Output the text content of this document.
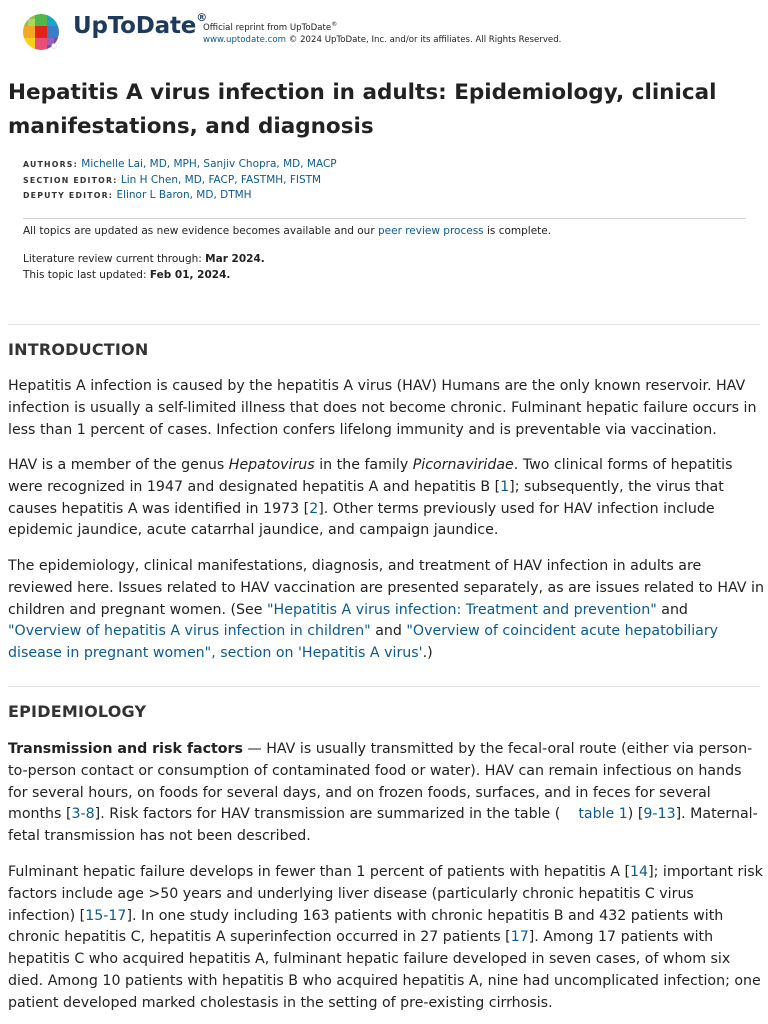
UpToDate®
Official reprint from UpToDate®
www.uptodate.com © 2024 UpToDate, Inc. and/or its affiliates. All Rights Reserved.
Hepatitis A virus infection in adults: Epidemiology, clinical manifestations, and diagnosis
AUTHORS: Michelle Lai, MD, MPH, Sanjiv Chopra, MD, MACP
SECTION EDITOR: Lin H Chen, MD, FACP, FASTMH, FISTM
DEPUTY EDITOR: Elinor L Baron, MD, DTMH
All topics are updated as new evidence becomes available and our peer review process is complete.
Literature review current through: Mar 2024.
This topic last updated: Feb 01, 2024.
INTRODUCTION

Hepatitis A infection is caused by the hepatitis A virus (HAV) Humans are the only known reservoir. HAV infection is usually a self-limited illness that does not become chronic. Fulminant hepatic failure occurs in less than 1 percent of cases. Infection confers lifelong immunity and is preventable via vaccination.

HAV is a member of the genus Hepatovirus in the family Picornaviridae. Two clinical forms of hepatitis were recognized in 1947 and designated hepatitis A and hepatitis B [1]; subsequently, the virus that causes hepatitis A was identified in 1973 [2]. Other terms previously used for HAV infection include epidemic jaundice, acute catarrhal jaundice, and campaign jaundice.

The epidemiology, clinical manifestations, diagnosis, and treatment of HAV infection in adults are reviewed here. Issues related to HAV vaccination are presented separately, as are issues related to HAV in children and pregnant women. (See "Hepatitis A virus infection: Treatment and prevention" and "Overview of hepatitis A virus infection in children" and "Overview of coincident acute hepatobiliary disease in pregnant women", section on 'Hepatitis A virus'.)

EPIDEMIOLOGY

Transmission and risk factors — HAV is usually transmitted by the fecal-oral route (either via person-to-person contact or consumption of contaminated food or water). HAV can remain infectious on hands for several hours, on foods for several days, and on frozen foods, surfaces, and in feces for several months [3-8]. Risk factors for HAV transmission are summarized in the table ( table 1) [9-13]. Maternal-fetal transmission has not been described.

Fulminant hepatic failure develops in fewer than 1 percent of patients with hepatitis A [14]; important risk factors include age >50 years and underlying liver disease (particularly chronic hepatitis C virus infection) [15-17]. In one study including 163 patients with chronic hepatitis B and 432 patients with chronic hepatitis C, hepatitis A superinfection occurred in 27 patients [17]. Among 17 patients with hepatitis C who acquired hepatitis A, fulminant hepatic failure developed in seven cases, of whom six died. Among 10 patients with hepatitis B who acquired hepatitis A, nine had uncomplicated infection; one patient developed marked cholestasis in the setting of pre-existing cirrhosis.
